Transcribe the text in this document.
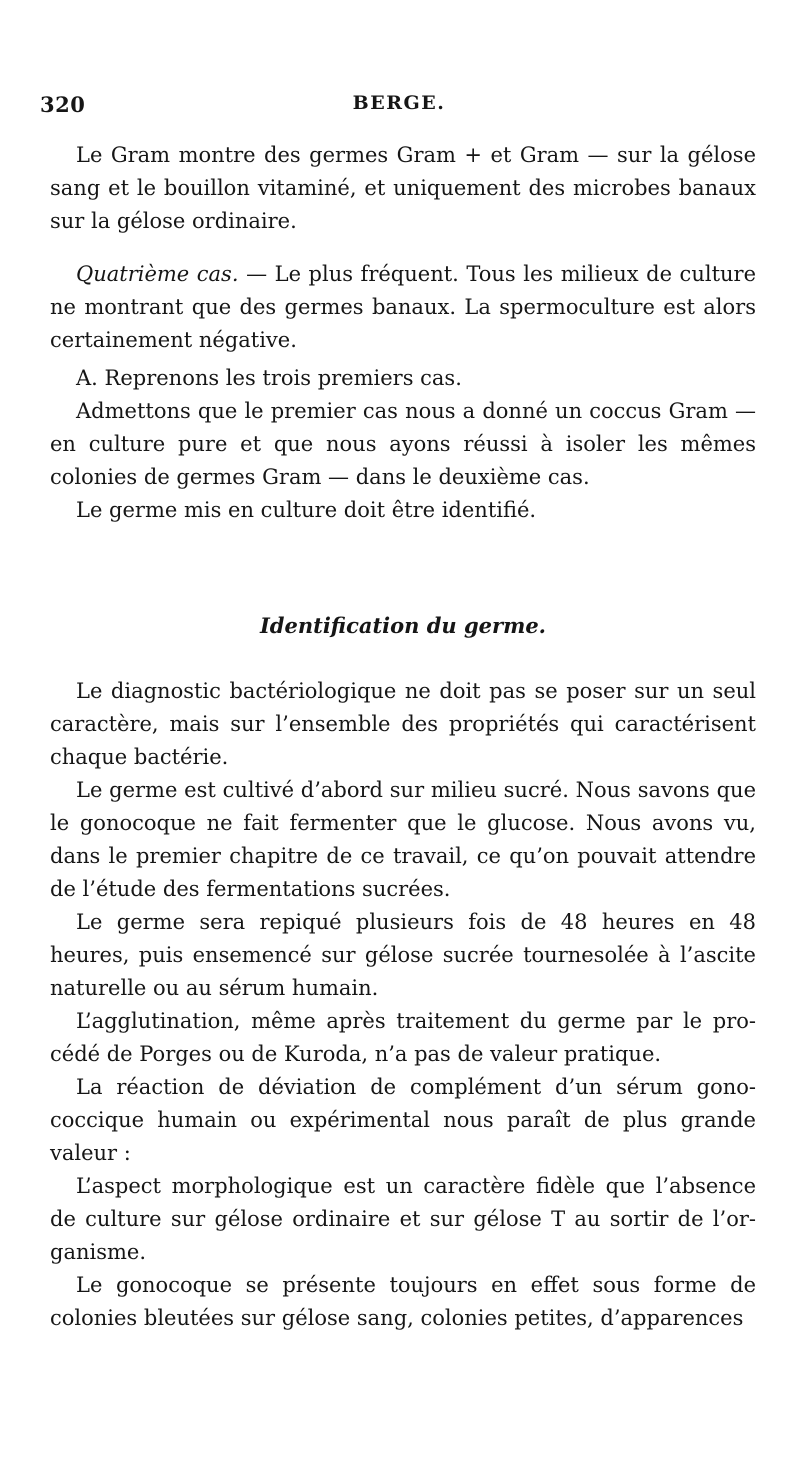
320	BERGE.

Le Gram montre des germes Gram + et Gram — sur la gélose sang et le bouillon vitaminé, et uniquement des microbes banaux sur la gélose ordinaire.

Quatrième cas. — Le plus fréquent. Tous les milieux de culture ne montrant que des germes banaux. La spermoculture est alors certainement négative.

A. Reprenons les trois premiers cas.

Admettons que le premier cas nous a donné un coccus Gram — en culture pure et que nous ayons réussi à isoler les mêmes colonies de germes Gram — dans le deuxième cas.

Le germe mis en culture doit être identifié.

Identification du germe.

Le diagnostic bactériologique ne doit pas se poser sur un seul caractère, mais sur l’ensemble des propriétés qui caractérisent chaque bactérie.

Le germe est cultivé d’abord sur milieu sucré. Nous savons que le gonocoque ne fait fermenter que le glucose. Nous avons vu, dans le premier chapitre de ce travail, ce qu’on pouvait attendre de l’étude des fermentations sucrées.

Le germe sera repiqué plusieurs fois de 48 heures en 48 heures, puis ensemencé sur gélose sucrée tournesolée à l’ascite naturelle ou au sérum humain.

L’agglutination, même après traitement du germe par le procédé de Porges ou de Kuroda, n’a pas de valeur pratique.

La réaction de déviation de complément d’un sérum gonococcique humain ou expérimental nous paraît de plus grande valeur :

L’aspect morphologique est un caractère fidèle que l’absence de culture sur gélose ordinaire et sur gélose T au sortir de l’organisme.

Le gonocoque se présente toujours en effet sous forme de colonies bleutées sur gélose sang, colonies petites, d’apparences
